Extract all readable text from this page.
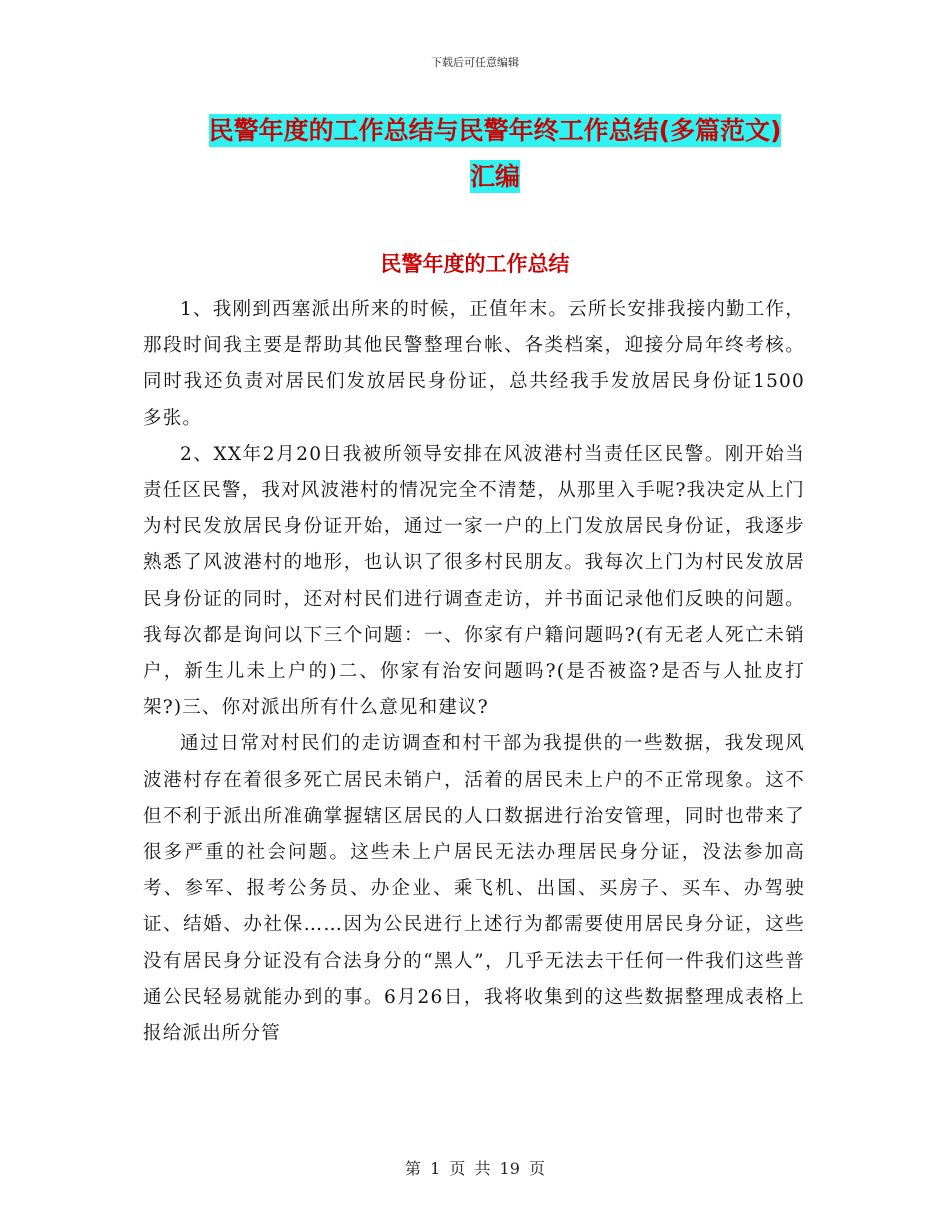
下载后可任意编辑
民警年度的工作总结与民警年终工作总结(多篇范文)
汇编
民警年度的工作总结

1、我刚到西塞派出所来的时候，正值年末。云所长安排我接内勤工作，那段时间我主要是帮助其他民警整理台帐、各类档案，迎接分局年终考核。同时我还负责对居民们发放居民身份证，总共经我手发放居民身份证1500多张。

2、XX年2月20日我被所领导安排在风波港村当责任区民警。刚开始当责任区民警，我对风波港村的情况完全不清楚，从那里入手呢?我决定从上门为村民发放居民身份证开始，通过一家一户的上门发放居民身份证，我逐步熟悉了风波港村的地形，也认识了很多村民朋友。我每次上门为村民发放居民身份证的同时，还对村民们进行调查走访，并书面记录他们反映的问题。我每次都是询问以下三个问题：一、你家有户籍问题吗?(有无老人死亡未销户，新生儿未上户的)二、你家有治安问题吗?(是否被盗?是否与人扯皮打架?)三、你对派出所有什么意见和建议?

通过日常对村民们的走访调查和村干部为我提供的一些数据，我发现风波港村存在着很多死亡居民未销户，活着的居民未上户的不正常现象。这不但不利于派出所准确掌握辖区居民的人口数据进行治安管理，同时也带来了很多严重的社会问题。这些未上户居民无法办理居民身分证，没法参加高考、参军、报考公务员、办企业、乘飞机、出国、买房子、买车、办驾驶证、结婚、办社保……因为公民进行上述行为都需要使用居民身分证，这些没有居民身分证没有合法身分的“黑人”，几乎无法去干任何一件我们这些普通公民轻易就能办到的事。6月26日，我将收集到的这些数据整理成表格上报给派出所分管

第 1 页 共 19 页
